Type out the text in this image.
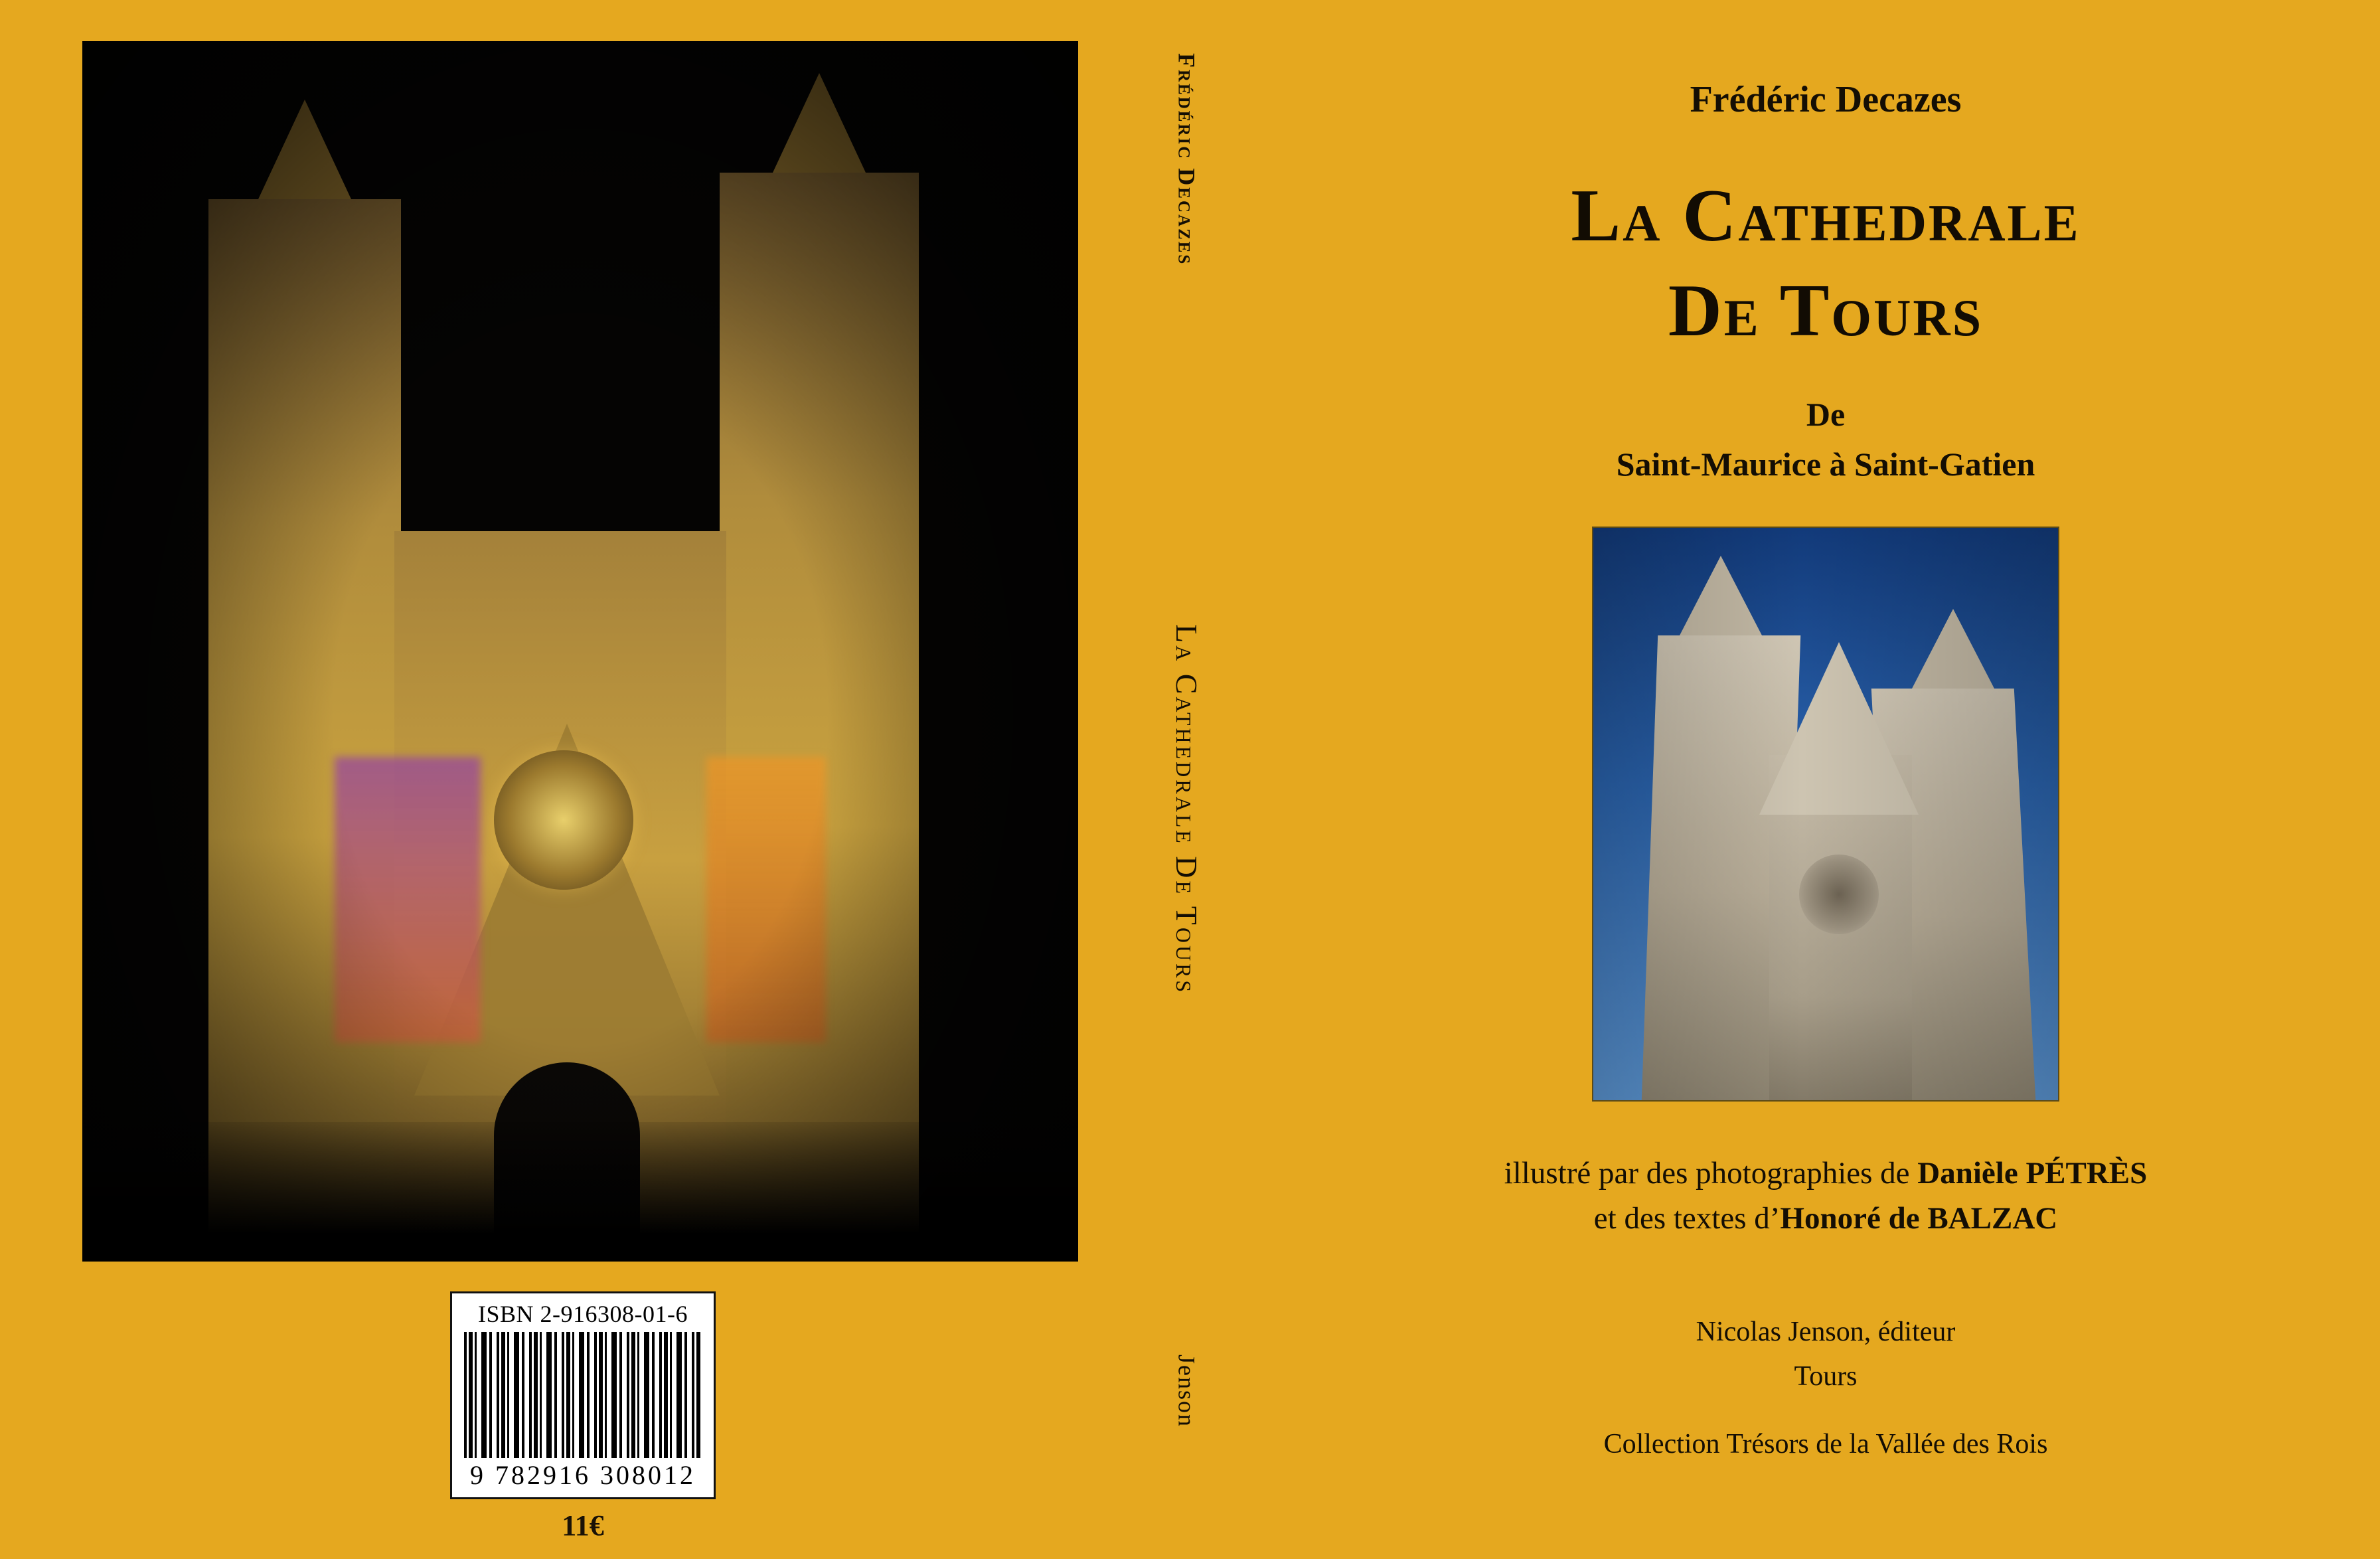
ISBN 2-916308-01-6
9 782916 308012
11€
Frédéric Decazes
La Cathedrale De Tours
Jenson
Frédéric Decazes
La Cathedrale
De Tours
De
Saint-Maurice à Saint-Gatien
illustré par des photographies de Danièle PÉTRÈS
et des textes d’Honoré de BALZAC
Nicolas Jenson, éditeur
Tours
Collection Trésors de la Vallée des Rois
